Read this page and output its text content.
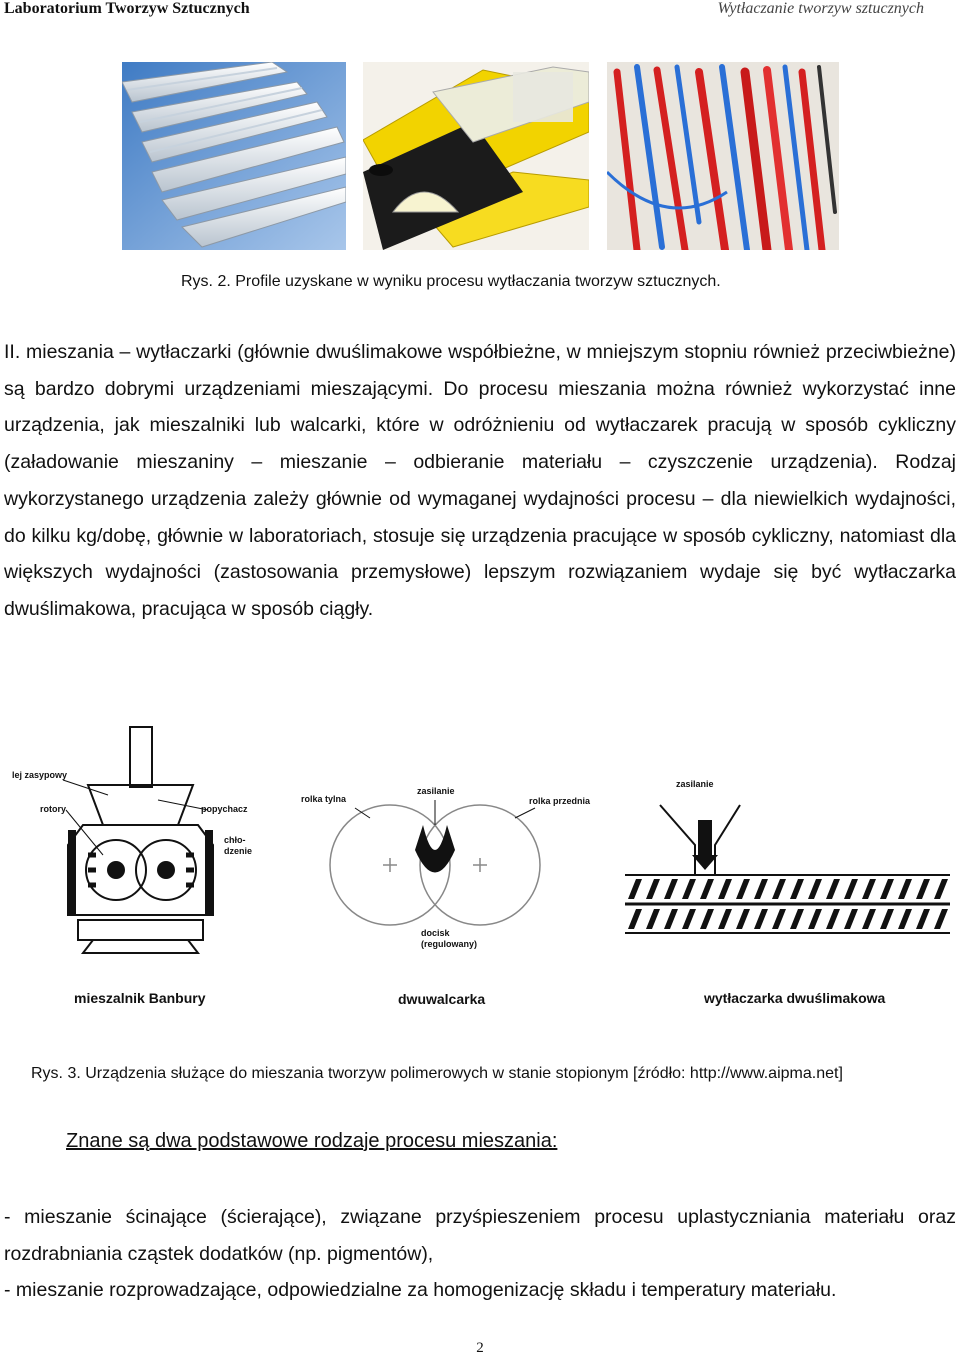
Laboratorium Tworzyw Sztucznych	Wytłaczanie tworzyw sztucznych
Rys. 2. Profile uzyskane w wyniku procesu wytłaczania tworzyw sztucznych.
II. mieszania – wytłaczarki (głównie dwuślimakowe współbieżne, w mniejszym stopniu również przeciwbieżne) są bardzo dobrymi urządzeniami mieszającymi. Do procesu mieszania można również wykorzystać inne urządzenia, jak mieszalniki lub walcarki, które w odróżnieniu od wytłaczarek pracują w sposób cykliczny (załadowanie mieszaniny – mieszanie – odbieranie materiału – czyszczenie urządzenia). Rodzaj wykorzystanego urządzenia zależy głównie od wymaganej wydajności procesu – dla niewielkich wydajności, do kilku kg/dobę, głównie w laboratoriach, stosuje się urządzenia pracujące w sposób cykliczny, natomiast dla większych wydajności (zastosowania przemysłowe) lepszym rozwiązaniem wydaje się być wytłaczarka dwuślimakowa, pracująca w sposób ciągły.
lej zasypowy
rotory	popychacz
chło-
dzenie
rolka tylna
zasilanie
rolka przednia
docisk
(regulowany)
zasilanie
mieszalnik Banbury	dwuwalcarka	wytłaczarka dwuślimakowa
Rys. 3. Urządzenia służące do mieszania tworzyw polimerowych w stanie stopionym [źródło: http://www.aipma.net]
Znane są dwa podstawowe rodzaje procesu mieszania:
- mieszanie ścinające (ścierające), związane przyśpieszeniem procesu uplastyczniania materiału oraz rozdrabniania cząstek dodatków (np. pigmentów),
- mieszanie rozprowadzające, odpowiedzialne za homogenizację składu i temperatury materiału.
2
